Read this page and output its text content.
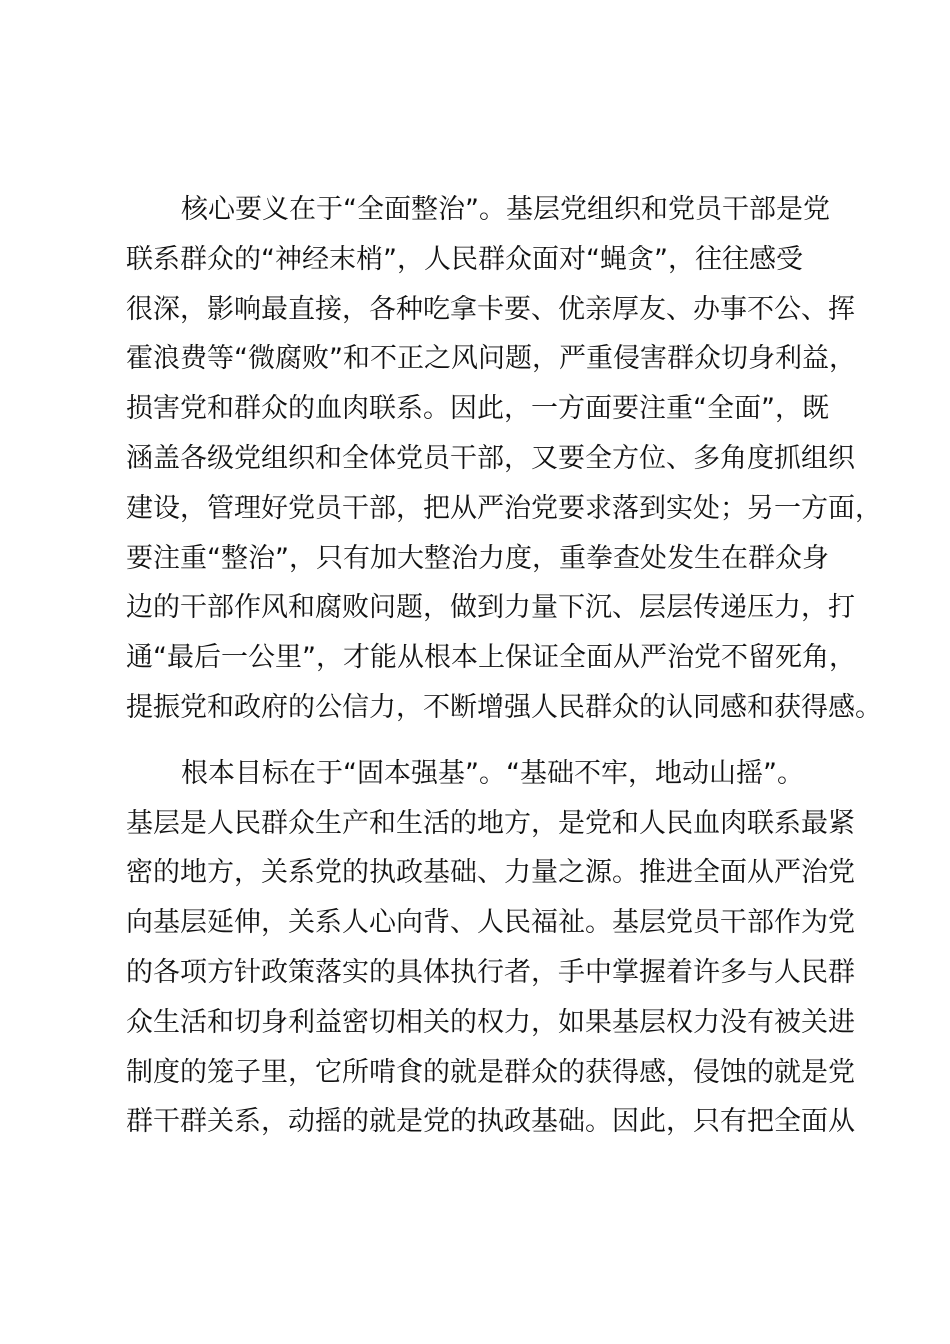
核心要义在于“全面整治”。基层党组织和党员干部是党
联系群众的“神经末梢”，人民群众面对“蝇贪”，往往感受
很深，影响最直接，各种吃拿卡要、优亲厚友、办事不公、挥
霍浪费等“微腐败”和不正之风问题，严重侵害群众切身利益，
损害党和群众的血肉联系。因此，一方面要注重“全面”，既
涵盖各级党组织和全体党员干部，又要全方位、多角度抓组织
建设，管理好党员干部，把从严治党要求落到实处；另一方面，
要注重“整治”，只有加大整治力度，重拳查处发生在群众身
边的干部作风和腐败问题，做到力量下沉、层层传递压力，打
通“最后一公里”，才能从根本上保证全面从严治党不留死角，
提振党和政府的公信力，不断增强人民群众的认同感和获得感。

根本目标在于“固本强基”。“基础不牢，地动山摇”。
基层是人民群众生产和生活的地方，是党和人民血肉联系最紧
密的地方，关系党的执政基础、力量之源。推进全面从严治党
向基层延伸，关系人心向背、人民福祉。基层党员干部作为党
的各项方针政策落实的具体执行者，手中掌握着许多与人民群
众生活和切身利益密切相关的权力，如果基层权力没有被关进
制度的笼子里，它所啃食的就是群众的获得感，侵蚀的就是党
群干群关系，动摇的就是党的执政基础。因此，只有把全面从
